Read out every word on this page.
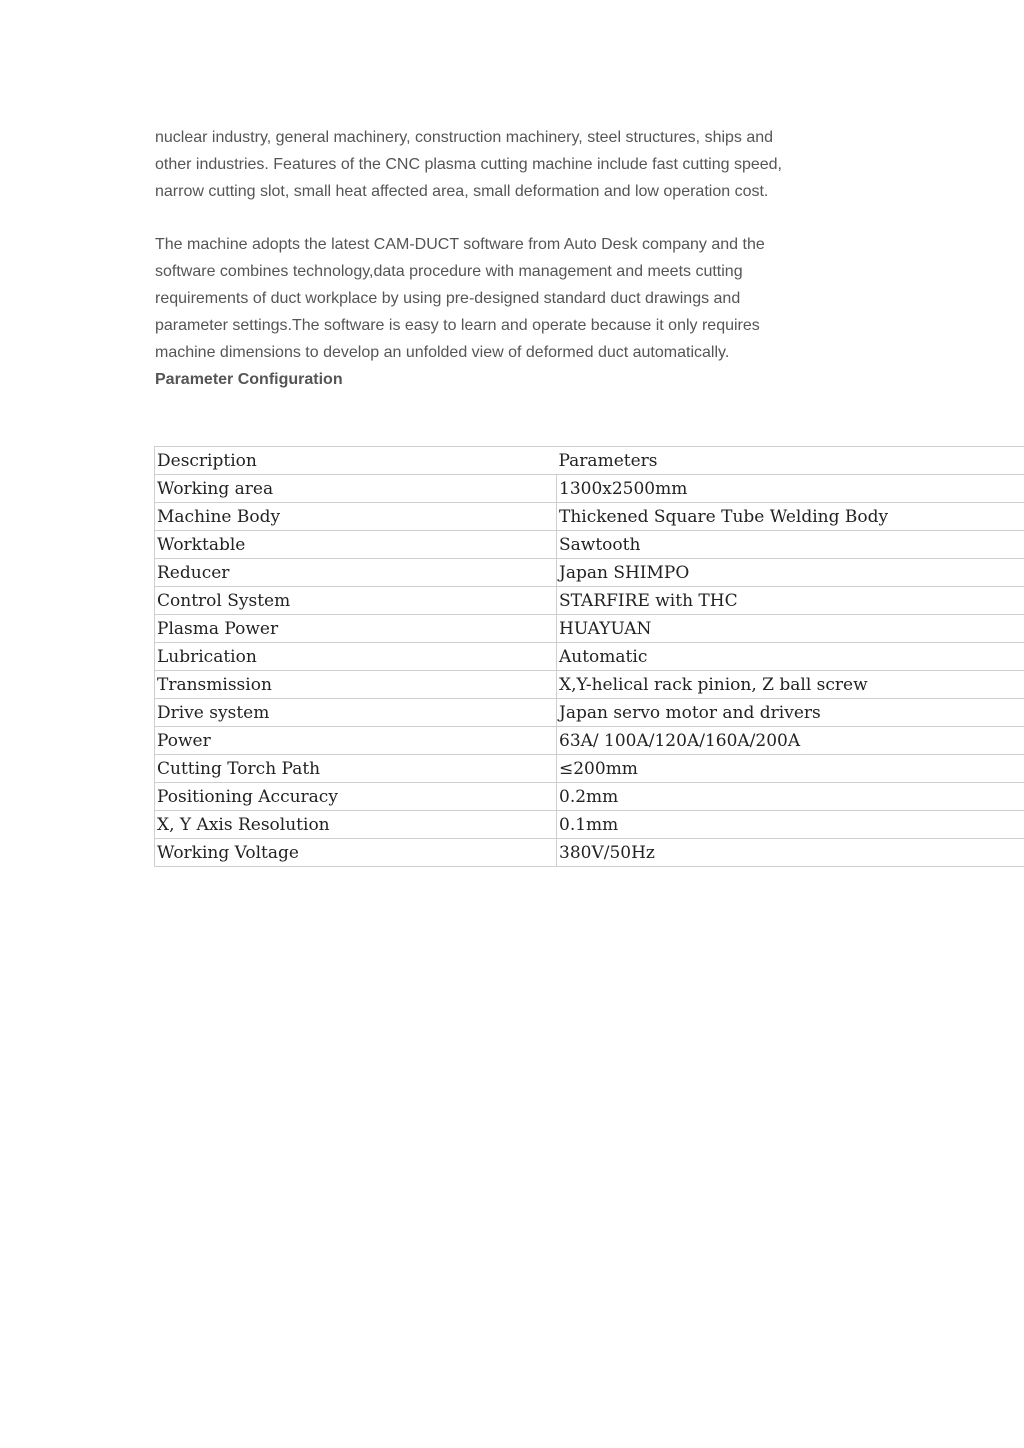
nuclear industry, general machinery, construction machinery, steel structures, ships and
other industries. Features of the CNC plasma cutting machine include fast cutting speed,
narrow cutting slot, small heat affected area, small deformation and low operation cost.
The machine adopts the latest CAM-DUCT software from Auto Desk company and the
software combines technology,data procedure with management and meets cutting
requirements of duct workplace by using pre-designed standard duct drawings and
parameter settings.The software is easy to learn and operate because it only requires
machine dimensions to develop an unfolded view of deformed duct automatically.
Parameter Configuration
Description	Parameters
Working area	1300x2500mm
Machine Body	Thickened Square Tube Welding Body
Worktable	Sawtooth
Reducer	Japan SHIMPO
Control System	STARFIRE with THC
Plasma Power	HUAYUAN
Lubrication	Automatic
Transmission	X,Y-helical rack pinion, Z ball screw
Drive system	Japan servo motor and drivers
Power	63A/ 100A/120A/160A/200A
Cutting Torch Path	≤200mm
Positioning Accuracy	0.2mm
X, Y Axis Resolution	0.1mm
Working Voltage	380V/50Hz
